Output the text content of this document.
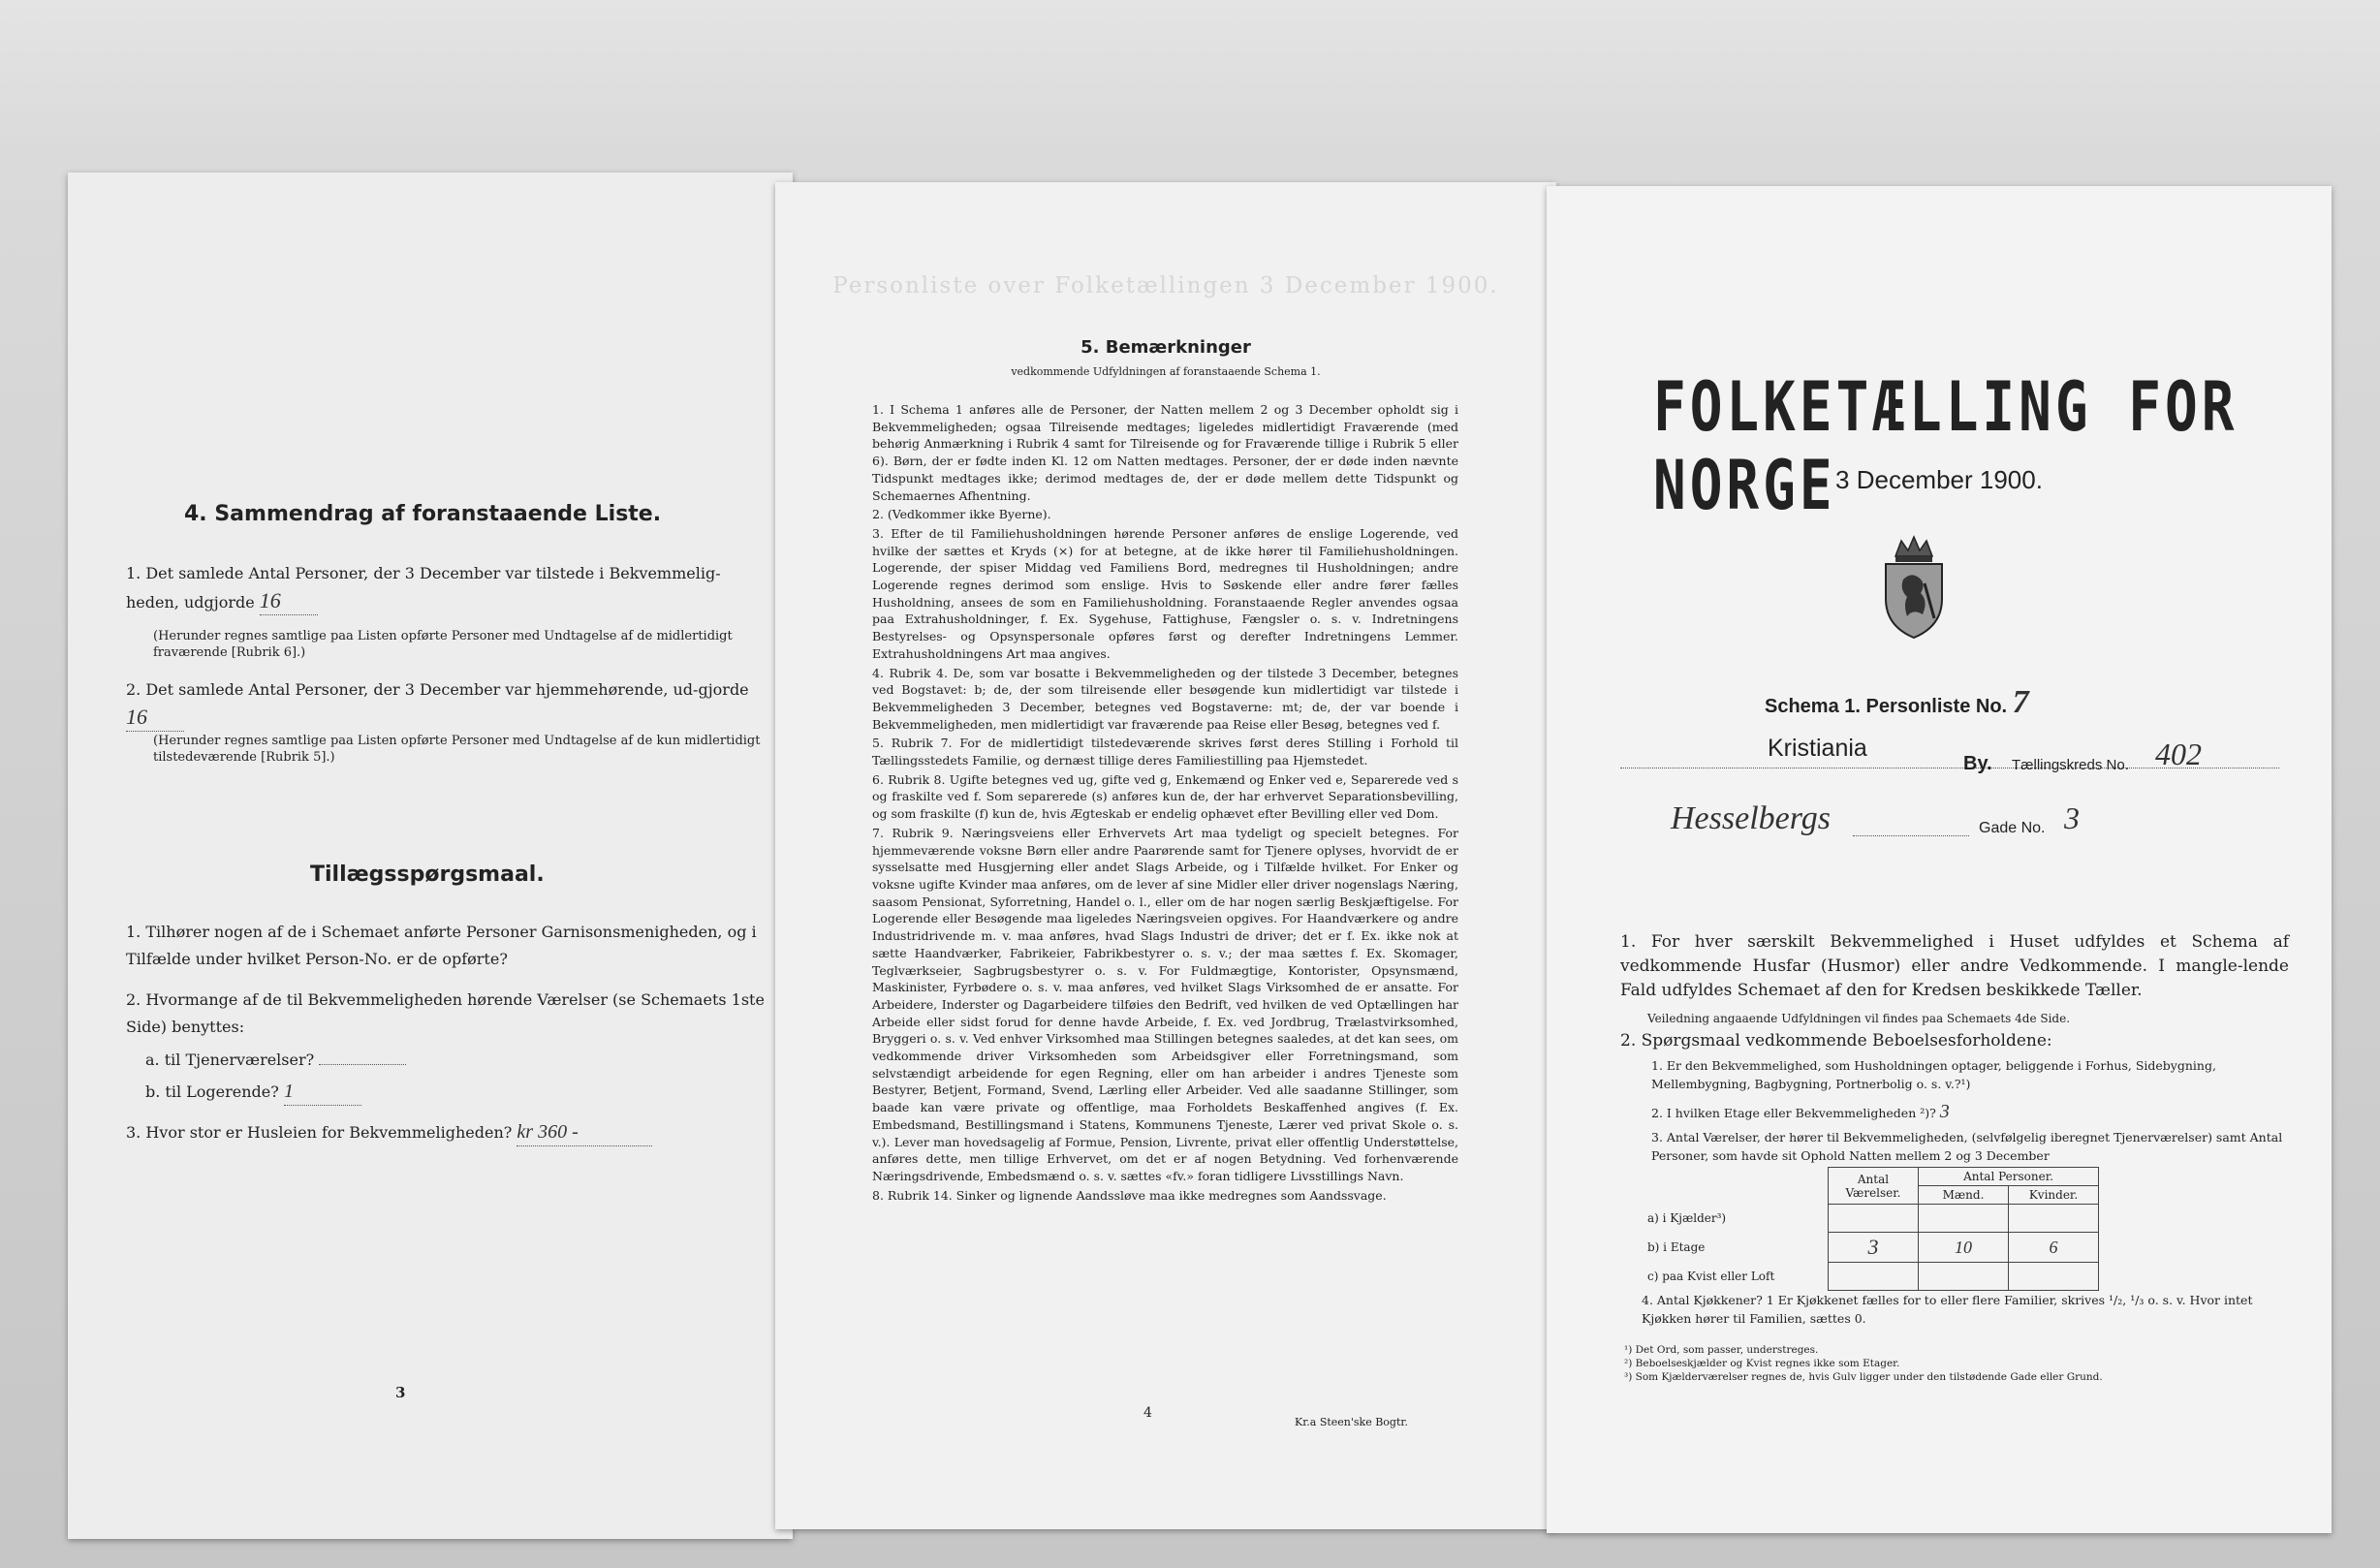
4. Sammendrag af foranstaaende Liste.
1. Det samlede Antal Personer, der 3 December var tilstede i Bekvemmelig-heden, udgjorde 16
(Herunder regnes samtlige paa Listen opførte Personer med Undtagelse af de midlertidigt fraværende [Rubrik 6].)
2. Det samlede Antal Personer, der 3 December var hjemmehørende, ud-gjorde 16
(Herunder regnes samtlige paa Listen opførte Personer med Undtagelse af de kun midlertidigt tilstedeværende [Rubrik 5].)
Tillægsspørgsmaal.
1. Tilhører nogen af de i Schemaet anførte Personer Garnisonsmenigheden, og i Tilfælde under hvilket Person-No. er de opførte?
2. Hvormange af de til Bekvemmeligheden hørende Værelser (se Schemaets 1ste Side) benyttes:
a. til Tjenerværelser?
b. til Logerende? 1
3. Hvor stor er Husleien for Bekvemmeligheden? kr 360 -
3
Personliste over Folketællingen 3 December 1900.
5. Bemærkninger
vedkommende Udfyldningen af foranstaaende Schema 1.
1. I Schema 1 anføres alle de Personer, der Natten mellem 2 og 3 December opholdt sig i Bekvemmeligheden; ogsaa Tilreisende medtages; ligeledes midlertidigt Fraværende (med behørig Anmærkning i Rubrik 4 samt for Tilreisende og for Fraværende tillige i Rubrik 5 eller 6). Børn, der er fødte inden Kl. 12 om Natten medtages. Personer, der er døde inden nævnte Tidspunkt medtages ikke; derimod medtages de, der er døde mellem dette Tidspunkt og Schemaernes Afhentning.
2. (Vedkommer ikke Byerne).
3. Efter de til Familiehusholdningen hørende Personer anføres de enslige Logerende, ved hvilke der sættes et Kryds (×) for at betegne, at de ikke hører til Familiehusholdningen. Logerende, der spiser Middag ved Familiens Bord, medregnes til Husholdningen; andre Logerende regnes derimod som enslige. Hvis to Søskende eller andre fører fælles Husholdning, ansees de som en Familiehusholdning. Foranstaaende Regler anvendes ogsaa paa Extrahusholdninger, f. Ex. Sygehuse, Fattighuse, Fængsler o. s. v. Indretningens Bestyrelses- og Opsynspersonale opføres først og derefter Indretningens Lemmer. Extrahusholdningens Art maa angives.
4. Rubrik 4. De, som var bosatte i Bekvemmeligheden og der tilstede 3 December, betegnes ved Bogstavet: b; de, der som tilreisende eller besøgende kun midlertidigt var tilstede i Bekvemmeligheden 3 December, betegnes ved Bogstaverne: mt; de, der var boende i Bekvemmeligheden, men midlertidigt var fraværende paa Reise eller Besøg, betegnes ved f.
5. Rubrik 7. For de midlertidigt tilstedeværende skrives først deres Stilling i Forhold til Tællingsstedets Familie, og dernæst tillige deres Familiestilling paa Hjemstedet.
6. Rubrik 8. Ugifte betegnes ved ug, gifte ved g, Enkemænd og Enker ved e, Separerede ved s og fraskilte ved f. Som separerede (s) anføres kun de, der har erhvervet Separationsbevilling, og som fraskilte (f) kun de, hvis Ægteskab er endelig ophævet efter Bevilling eller ved Dom.
7. Rubrik 9. Næringsveiens eller Erhvervets Art maa tydeligt og specielt betegnes. For hjemmeværende voksne Børn eller andre Paarørende samt for Tjenere oplyses, hvorvidt de er sysselsatte med Husgjerning eller andet Slags Arbeide, og i Tilfælde hvilket. For Enker og voksne ugifte Kvinder maa anføres, om de lever af sine Midler eller driver nogenslags Næring, saasom Pensionat, Syforretning, Handel o. l., eller om de har nogen særlig Beskjæftigelse. For Logerende eller Besøgende maa ligeledes Næringsveien opgives. For Haandværkere og andre Industridrivende m. v. maa anføres, hvad Slags Industri de driver; det er f. Ex. ikke nok at sætte Haandværker, Fabrikeier, Fabrikbestyrer o. s. v.; der maa sættes f. Ex. Skomager, Teglværkseier, Sagbrugsbestyrer o. s. v. For Fuldmægtige, Kontorister, Opsynsmænd, Maskinister, Fyrbødere o. s. v. maa anføres, ved hvilket Slags Virksomhed de er ansatte. For Arbeidere, Inderster og Dagarbeidere tilføies den Bedrift, ved hvilken de ved Optællingen har Arbeide eller sidst forud for denne havde Arbeide, f. Ex. ved Jordbrug, Trælastvirksomhed, Bryggeri o. s. v. Ved enhver Virksomhed maa Stillingen betegnes saaledes, at det kan sees, om vedkommende driver Virksomheden som Arbeidsgiver eller Forretningsmand, som selvstændigt arbeidende for egen Regning, eller om han arbeider i andres Tjeneste som Bestyrer, Betjent, Formand, Svend, Lærling eller Arbeider. Ved alle saadanne Stillinger, som baade kan være private og offentlige, maa Forholdets Beskaffenhed angives (f. Ex. Embedsmand, Bestillingsmand i Statens, Kommunens Tjeneste, Lærer ved privat Skole o. s. v.). Lever man hovedsagelig af Formue, Pension, Livrente, privat eller offentlig Understøttelse, anføres dette, men tillige Erhvervet, om det er af nogen Betydning. Ved forhenværende Næringsdrivende, Embedsmænd o. s. v. sættes «fv.» foran tidligere Livsstillings Navn.
8. Rubrik 14. Sinker og lignende Aandssløve maa ikke medregnes som Aandssvage.
4
Kr.a Steen'ske Bogtr.
FOLKETÆLLING FOR NORGE 3 December 1900.
Schema 1. Personliste No. 7
Kristiania
By. Tællingskreds No. 402
Hesselbergs	Gade No. 3
1. For hver særskilt Bekvemmelighed i Huset udfyldes et Schema af vedkommende Husfar (Husmor) eller andre Vedkommende. I mangle-lende Fald udfyldes Schemaet af den for Kredsen beskikkede Tæller.
Veiledning angaaende Udfyldningen vil findes paa Schemaets 4de Side.
2. Spørgsmaal vedkommende Beboelsesforholdene:
1. Er den Bekvemmelighed, som Husholdningen optager, beliggende i Forhus, Sidebygning, Mellembygning, Bagbygning, Portnerbolig o. s. v.?¹)
2. I hvilken Etage eller Bekvemmeligheden ²)? 3
3. Antal Værelser, der hører til Bekvemmeligheden, (selvfølgelig iberegnet Tjenerværelser) samt Antal Personer, som havde sit Ophold Natten mellem 2 og 3 December
	Antal Værelser.	Antal Personer.	
		Mænd.	Kvinder.
a) i Kjælder³)			
b) i Etage	3	10	6
c) paa Kvist eller Loft			
4. Antal Kjøkkener? 1 Er Kjøkkenet fælles for to eller flere Familier, skrives ¹/₂, ¹/₃ o. s. v. Hvor intet Kjøkken hører til Familien, sættes 0.
¹) Det Ord, som passer, understreges.
²) Beboelseskjælder og Kvist regnes ikke som Etager.
³) Som Kjælderværelser regnes de, hvis Gulv ligger under den tilstødende Gade eller Grund.
